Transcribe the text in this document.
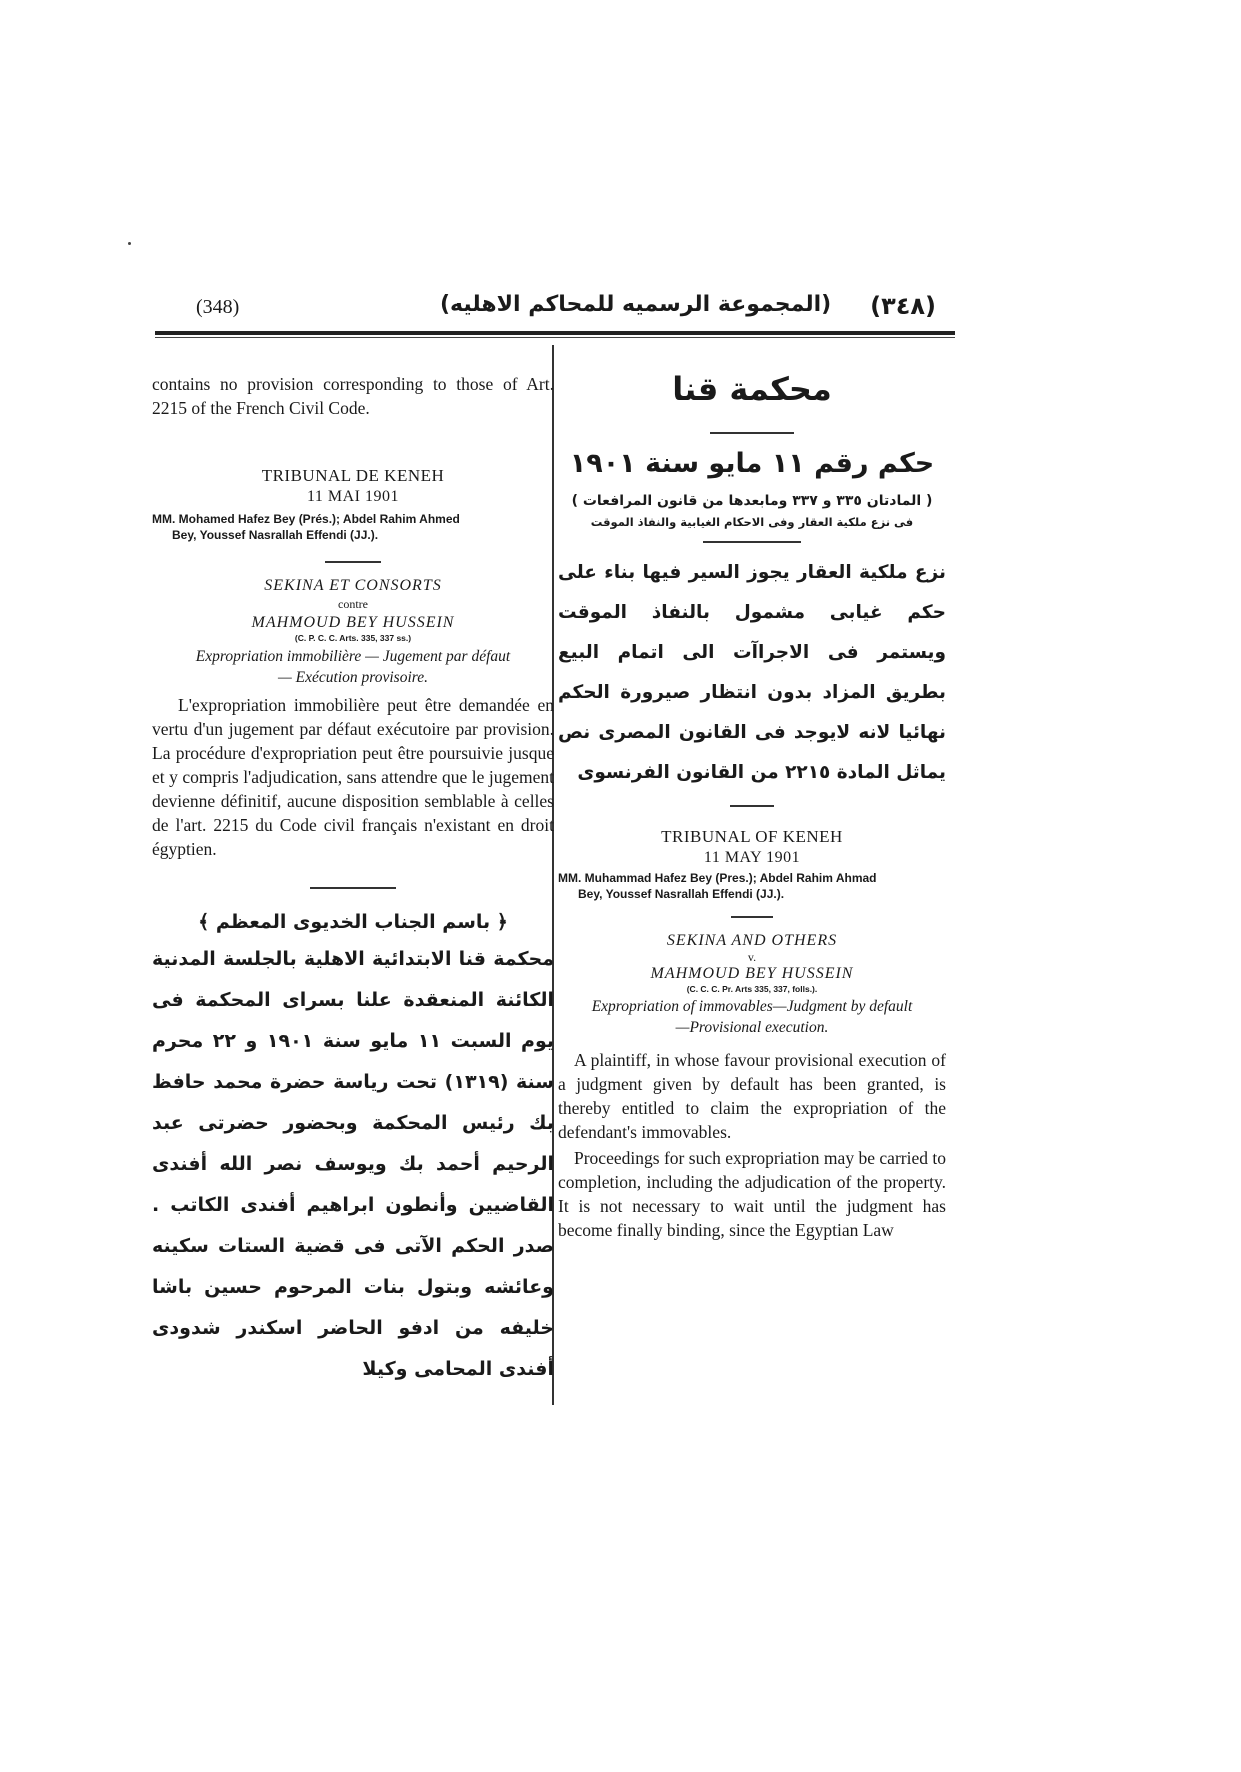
(348)	(المجموعة الرسميه للمحاكم الاهليه) (٣٤٨)

contains no provision corresponding to those of Art. 2215 of the French Civil Code.

TRIBUNAL DE KENEH

11 MAI 1901

MM. Mohamed Hafez Bey (Prés.); Abdel Rahim Ahmed
Bey, Youssef Nasrallah Effendi (JJ.).

SEKINA ET CONSORTS

contre

MAHMOUD BEY HUSSEIN

(C. P. C. C. Arts. 335, 337 ss.)

Expropriation immobilière — Jugement par défaut

— Exécution provisoire.

L'expropriation immobilière peut être demandée en vertu d'un jugement par défaut exécutoire par provision. La procédure d'expropriation peut être poursuivie jusque et y compris l'adjudication, sans attendre que le jugement devienne définitif, aucune disposition semblable à celles de l'art. 2215 du Code civil français n'existant en droit égyptien.

﴿ باسم الجناب الخديوى المعظم ﴾

محكمة قنا الابتدائية الاهلية بالجلسة المدنية الكائنة المنعقدة علنا بسراى المحكمة فى يوم السبت ١١ مايو سنة ١٩٠١ و ٢٢ محرم سنة (١٣١٩) تحت رياسة حضرة محمد حافظ بك رئيس المحكمة وبحضور حضرتى عبد الرحيم أحمد بك ويوسف نصر الله أفندى القاضيين وأنطون ابراهيم أفندى الكاتب . صدر الحكم الآتى فى قضية الستات سكينه وعائشه وبتول بنات المرحوم حسين باشا خليفه من ادفو الحاضر اسكندر شدودى أفندى المحامى وكيلا

محكمة قنا

حكم رقم ١١ مايو سنة ١٩٠١

( المادتان ٣٣٥ و ٣٣٧ ومابعدها من قانون المرافعات )

فى نزع ملكية العقار وفى الاحكام الغيابية والنفاذ الموقت

نزع ملكية العقار يجوز السير فيها بناء على حكم غيابى مشمول بالنفاذ الموقت ويستمر فى الاجراآت الى اتمام البيع بطريق المزاد بدون انتظار صيرورة الحكم نهائيا لانه لايوجد فى القانون المصرى نص يماثل المادة ٢٢١٥ من القانون الفرنسوى

TRIBUNAL OF KENEH

11 MAY 1901

MM. Muhammad Hafez Bey (Pres.); Abdel Rahim Ahmad
Bey, Youssef Nasrallah Effendi (JJ.).

SEKINA AND OTHERS

v.

MAHMOUD BEY HUSSEIN

(C. C. C. Pr. Arts 335, 337, folls.).

Expropriation of immovables—Judgment by default

—Provisional execution.

A plaintiff, in whose favour provisional execution of a judgment given by default has been granted, is thereby entitled to claim the expropriation of the defendant's immovables.

Proceedings for such expropriation may be carried to completion, including the adjudication of the property. It is not necessary to wait until the judgment has become finally binding, since the Egyptian Law
